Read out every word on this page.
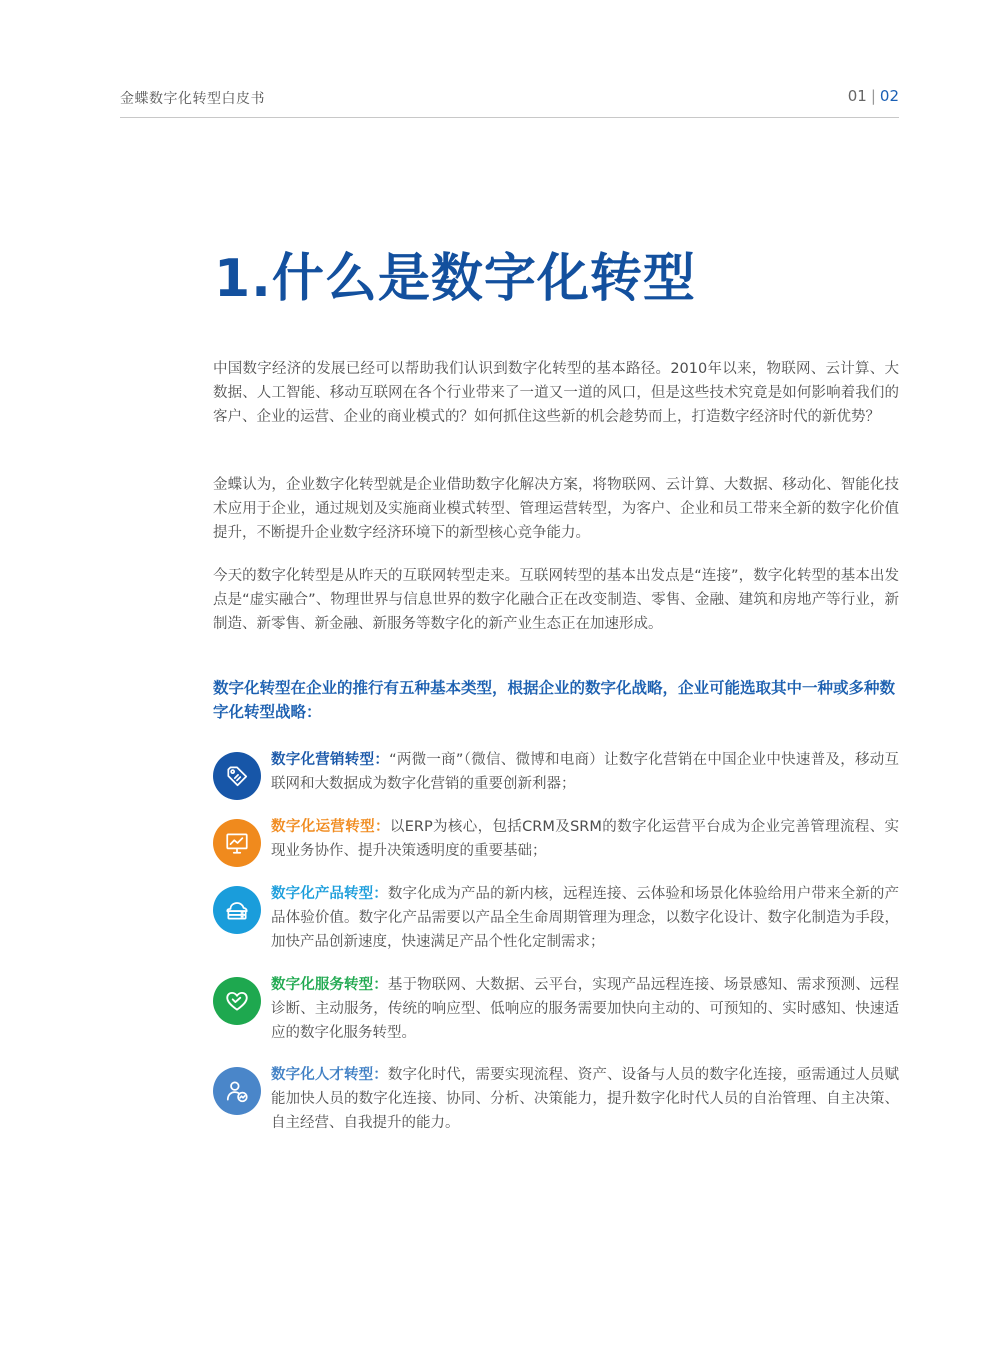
金蝶数字化转型白皮书	01 | 02
1.什么是数字化转型

中国数字经济的发展已经可以帮助我们认识到数字化转型的基本路径。2010年以来，物联网、云计算、大数据、人工智能、移动互联网在各个行业带来了一道又一道的风口，但是这些技术究竟是如何影响着我们的客户、企业的运营、企业的商业模式的？如何抓住这些新的机会趁势而上，打造数字经济时代的新优势？

金蝶认为，企业数字化转型就是企业借助数字化解决方案，将物联网、云计算、大数据、移动化、智能化技术应用于企业，通过规划及实施商业模式转型、管理运营转型，为客户、企业和员工带来全新的数字化价值提升，不断提升企业数字经济环境下的新型核心竞争能力。

今天的数字化转型是从昨天的互联网转型走来。互联网转型的基本出发点是“连接”，数字化转型的基本出发点是“虚实融合”、物理世界与信息世界的数字化融合正在改变制造、零售、金融、建筑和房地产等行业，新制造、新零售、新金融、新服务等数字化的新产业生态正在加速形成。

数字化转型在企业的推行有五种基本类型，根据企业的数字化战略，企业可能选取其中一种或多种数字化转型战略：

数字化营销转型：“两微一商”（微信、微博和电商）让数字化营销在中国企业中快速普及，移动互联网和大数据成为数字化营销的重要创新利器；
数字化运营转型：以ERP为核心，包括CRM及SRM的数字化运营平台成为企业完善管理流程、实现业务协作、提升决策透明度的重要基础；
数字化产品转型：数字化成为产品的新内核，远程连接、云体验和场景化体验给用户带来全新的产品体验价值。数字化产品需要以产品全生命周期管理为理念，以数字化设计、数字化制造为手段，加快产品创新速度，快速满足产品个性化定制需求；
数字化服务转型：基于物联网、大数据、云平台，实现产品远程连接、场景感知、需求预测、远程诊断、主动服务，传统的响应型、低响应的服务需要加快向主动的、可预知的、实时感知、快速适应的数字化服务转型。
数字化人才转型：数字化时代，需要实现流程、资产、设备与人员的数字化连接，亟需通过人员赋能加快人员的数字化连接、协同、分析、决策能力，提升数字化时代人员的自治管理、自主决策、自主经营、自我提升的能力。
